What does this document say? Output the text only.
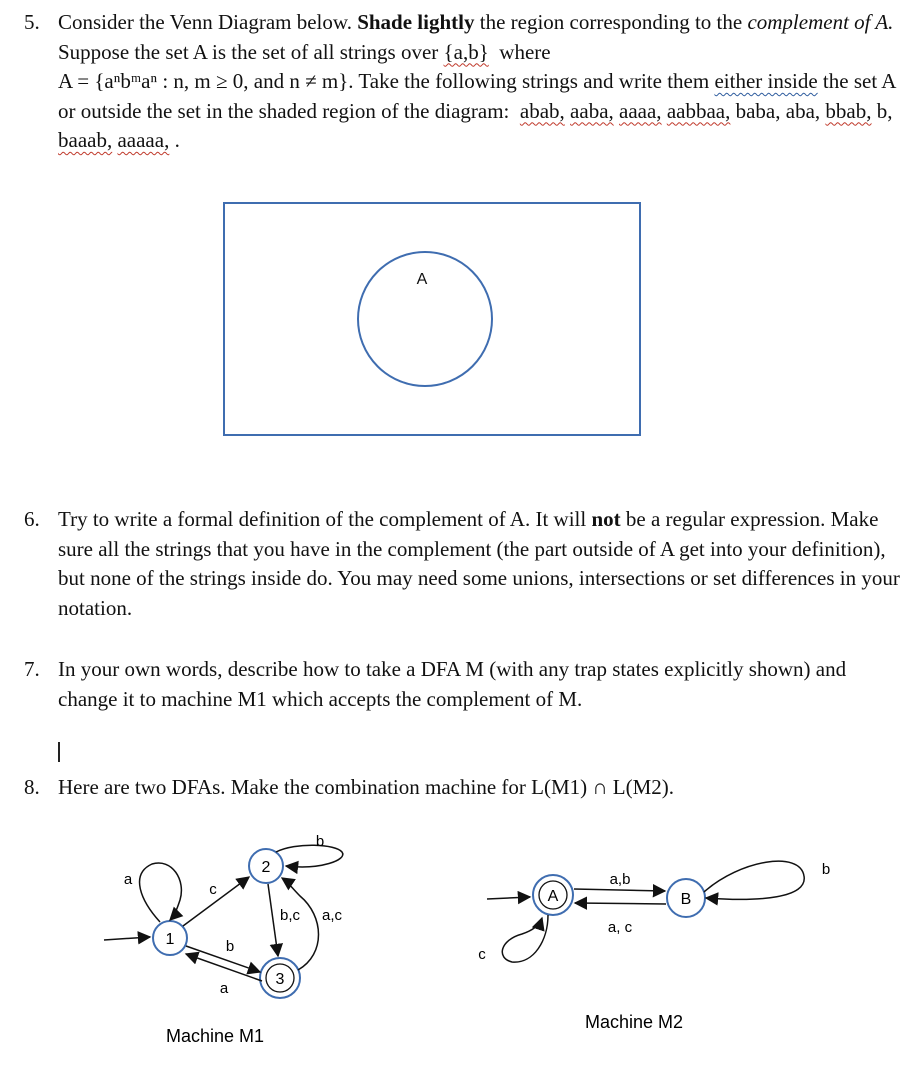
5. Consider the Venn Diagram below. Shade lightly the region corresponding to the complement of A. Suppose the set A is the set of all strings over {a,b} where
A = {aⁿbᵐaⁿ : n, m ≥ 0, and n ≠ m}. Take the following strings and write them either inside the set A or outside the set in the shaded region of the diagram: abab, aaba, aaaa, aabbaa, baba, aba, bbab, b, baaab, aaaaa, .
A
6. Try to write a formal definition of the complement of A. It will not be a regular expression. Make sure all the strings that you have in the complement (the part outside of A get into your definition), but none of the strings inside do. You may need some unions, intersections or set differences in your notation.
7. In your own words, describe how to take a DFA M (with any trap states explicitly shown) and change it to machine M1 which accepts the complement of M.
8. Here are two DFAs. Make the combination machine for L(M1) ∩ L(M2).
1
2
3
a
c
b
b
a
b,c a,c
Machine M1
A	B
a,b
a, c
c
b
Machine M2
